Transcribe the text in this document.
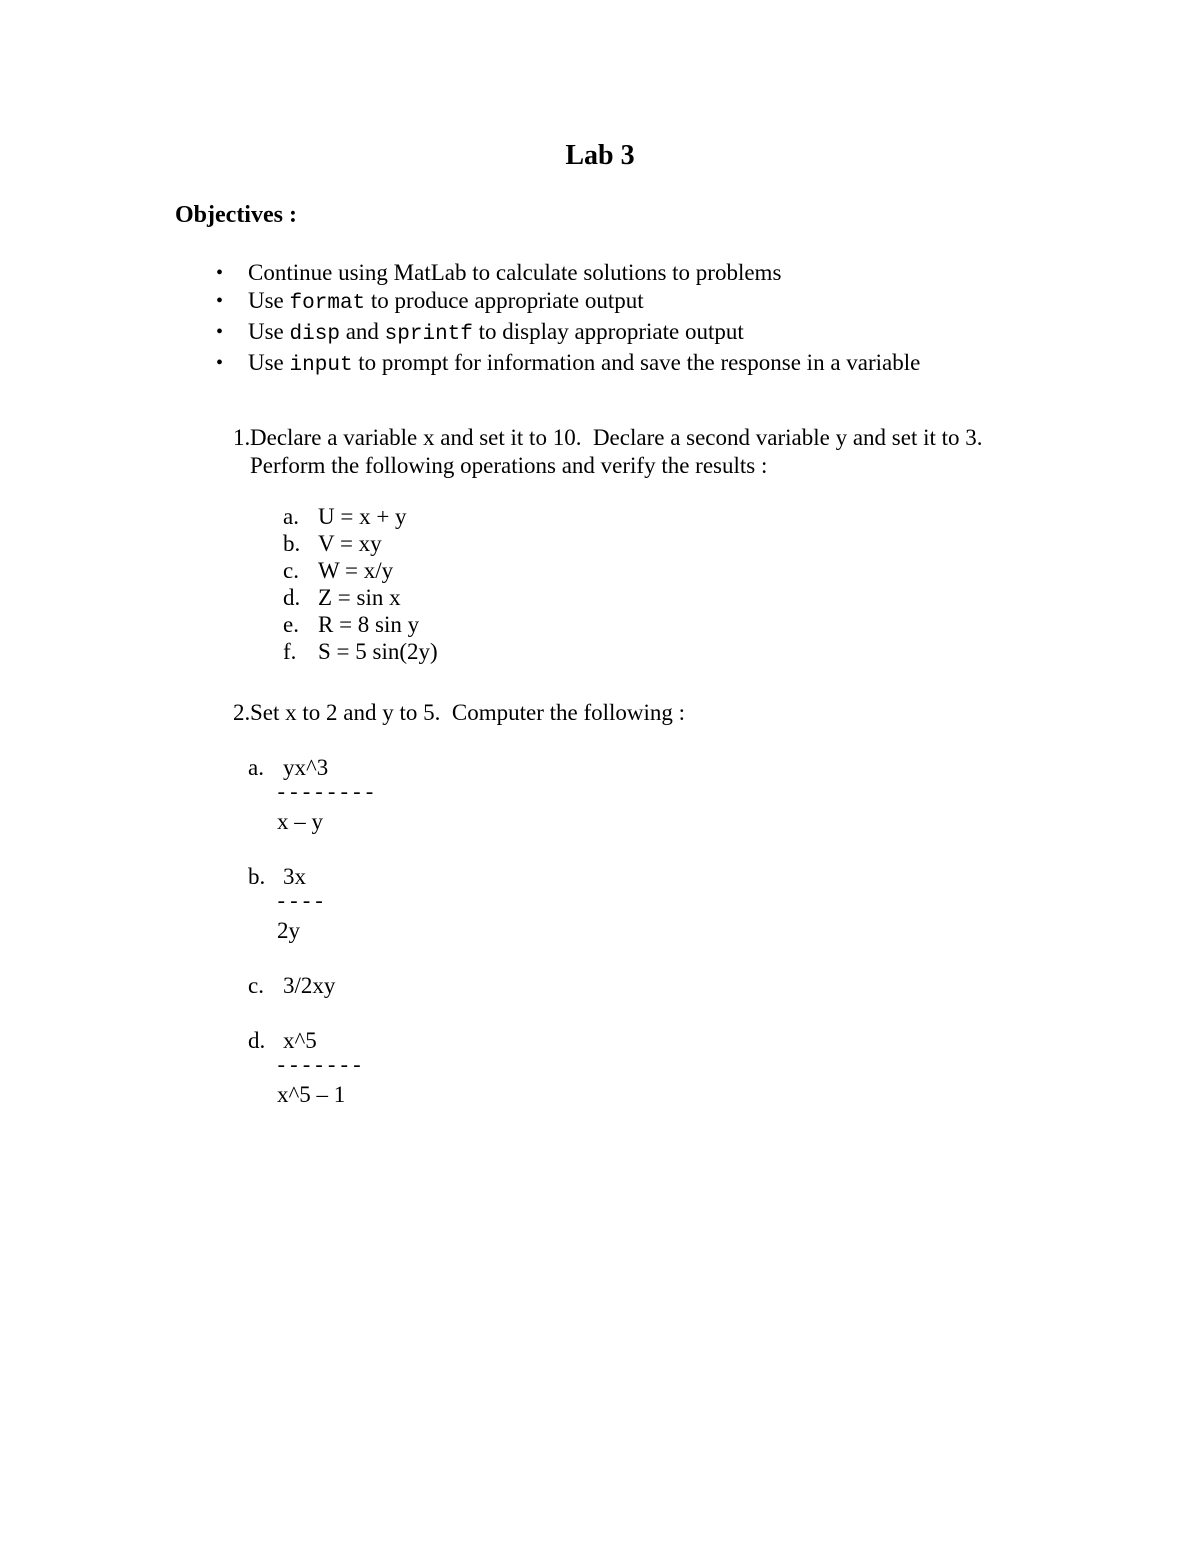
Lab 3
Objectives :
• Continue using MatLab to calculate solutions to problems
• Use format to produce appropriate output
• Use disp and sprintf to display appropriate output
• Use input to prompt for information and save the response in a variable
1. Declare a variable x and set it to 10.  Declare a second variable y and set it to 3.
Perform the following operations and verify the results :
a. U = x + y
b. V = xy
c. W = x/y
d. Z = sin x
e. R = 8 sin y
f. S = 5 sin(2y)
2. Set x to 2 and y to 5.  Computer the following :
a. yx^3
--------
x – y
b. 3x
----
2y
c. 3/2xy
d. x^5
-------
x^5 – 1
